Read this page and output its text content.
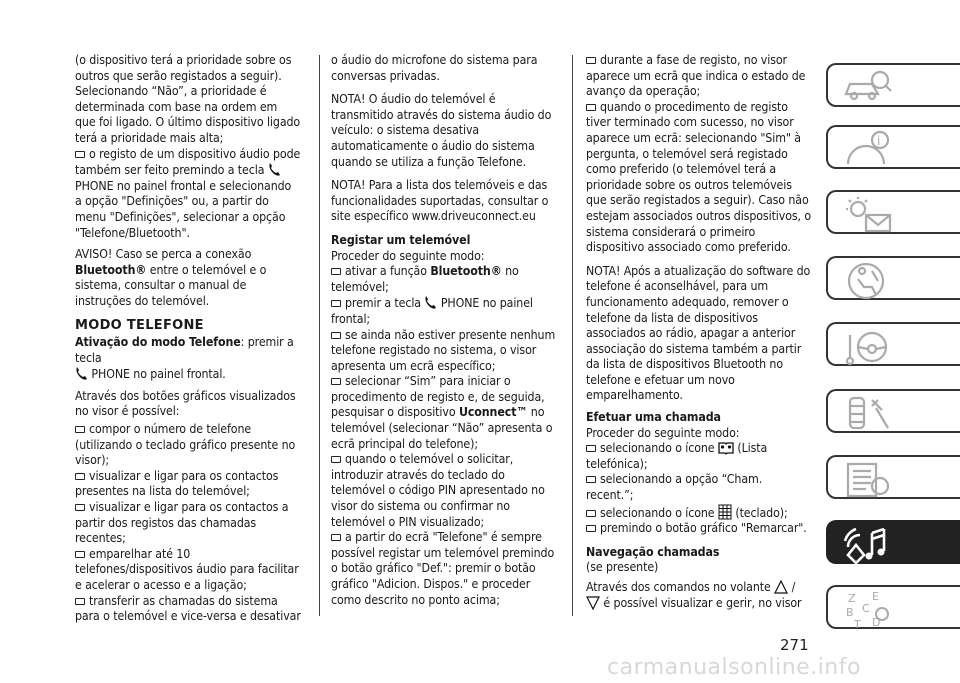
(o dispositivo terá a prioridade sobre os outros que serão registados a seguir). Selecionando “Não”, a prioridade é determinada com base na ordem em que foi ligado. O último dispositivo ligado terá a prioridade mais alta;

o registo de um dispositivo áudio pode também ser feito premindo a tecla  PHONE no painel frontal e selecionando a opção "Definições" ou, a partir do menu "Definições", selecionar a opção "Telefone/Bluetooth".

AVISO! Caso se perca a conexão Bluetooth® entre o telemóvel e o sistema, consultar o manual de instruções do telemóvel.

MODO TELEFONE

Ativação do modo Telefone: premir a tecla
PHONE no painel frontal.

Através dos botões gráficos visualizados no visor é possível:

compor o número de telefone (utilizando o teclado gráfico presente no visor);

visualizar e ligar para os contactos presentes na lista do telemóvel;

visualizar e ligar para os contactos a partir dos registos das chamadas recentes;

emparelhar até 10 telefones/dispositivos áudio para facilitar e acelerar o acesso e a ligação;

transferir as chamadas do sistema para o telemóvel e vice-versa e desativar

o áudio do microfone do sistema para conversas privadas.

NOTA! O áudio do telemóvel é transmitido através do sistema áudio do veículo: o sistema desativa automaticamente o áudio do sistema quando se utiliza a função Telefone.

NOTA! Para a lista dos telemóveis e das funcionalidades suportadas, consultar o site específico www.driveuconnect.eu

Registar um telemóvel

Proceder do seguinte modo:

ativar a função Bluetooth® no telemóvel;

premir a tecla PHONE no painel frontal;

se ainda não estiver presente nenhum telefone registado no sistema, o visor apresenta um ecrã específico;

selecionar “Sim” para iniciar o procedimento de registo e, de seguida, pesquisar o dispositivo Uconnect™ no telemóvel (selecionar “Não” apresenta o ecrã principal do telefone);

quando o telemóvel o solicitar, introduzir através do teclado do telemóvel o código PIN apresentado no visor do sistema ou confirmar no telemóvel o PIN visualizado;

a partir do ecrã "Telefone" é sempre possível registar um telemóvel premindo o botão gráfico "Def.": premir o botão gráfico "Adicion. Dispos." e proceder como descrito no ponto acima;

durante a fase de registo, no visor aparece um ecrã que indica o estado de avanço da operação;

quando o procedimento de registo tiver terminado com sucesso, no visor aparece um ecrã: selecionando "Sim" à pergunta, o telemóvel será registado como preferido (o telemóvel terá a prioridade sobre os outros telemóveis que serão registados a seguir). Caso não estejam associados outros dispositivos, o sistema considerará o primeiro dispositivo associado como preferido.

NOTA! Após a atualização do software do telefone é aconselhável, para um funcionamento adequado, remover o telefone da lista de dispositivos associados ao rádio, apagar a anterior associação do sistema também a partir da lista de dispositivos Bluetooth no telefone e efetuar um novo emparelhamento.

Efetuar uma chamada

Proceder do seguinte modo:

selecionando o ícone (Lista telefónica);

selecionando a opção “Cham. recent.”;

selecionando o ícone (teclado);

premindo o botão gráfico "Remarcar".

Navegação chamadas

(se presente)

Através dos comandos no volante /
é possível visualizar e gerir, no visor

i
Z E
B C
T D
271
carmanualsonline.info
